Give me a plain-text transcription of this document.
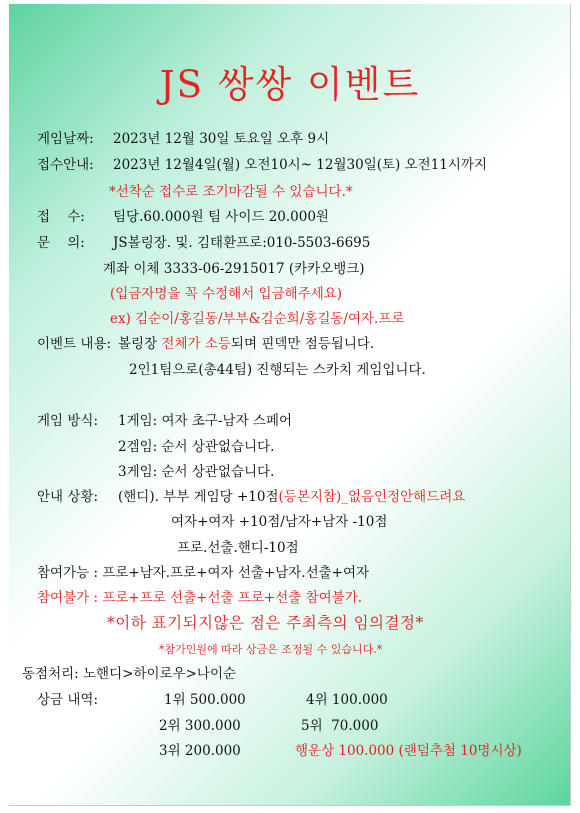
JS 쌍쌍 이벤트
게임날짜: 2023년 12월 30일 토요일 오후 9시
접수안내: 2023년 12월4일(월) 오전10시~ 12월30일(토) 오전11시까지
*선착순 접수로 조기마감될 수 있습니다.*
접    수: 팀당.60.000원 팀 사이드 20.000원
문    의: JS볼링장. 및. 김태환프로:010-5503-6695
계좌 이체 3333-06-2915017 (카카오뱅크)
(입금자명을 꼭 수정해서 입금해주세요)
ex) 김순이/홍길동/부부&김순희/홍길동/여자.프로
이벤트 내용: 볼링장 전체가 소등되며 핀덱만 점등됩니다.
2인1팀으로(총44팀) 진행되는 스카치 게임입니다.
게임 방식: 1게임: 여자 초구-남자 스페어
2겜임: 순서 상관없습니다.
3게임: 순서 상관없습니다.
안내 상황: (핸디). 부부 게임당 +10점(등본지참)_없음인정안해드려요
여자+여자 +10점/남자+남자 -10점
프로.선출.핸디-10점
참여가능 : 프로+남자.프로+여자 선출+남자.선출+여자
참여불가 : 프로+프로 선출+선출 프로+선출 참여불가.
*이하 표기되지않은 점은 주최측의 임의결정*
*참가인원에 따라 상금은 조정될 수 있습니다.*
동점처리: 노핸디>하이로우>나이순
상금 내역:	1위 500.000	4위 100.000
2위 300.000	5위  70.000
3위 200.000	행운상 100.000 (랜덤추첨 10명시상)
